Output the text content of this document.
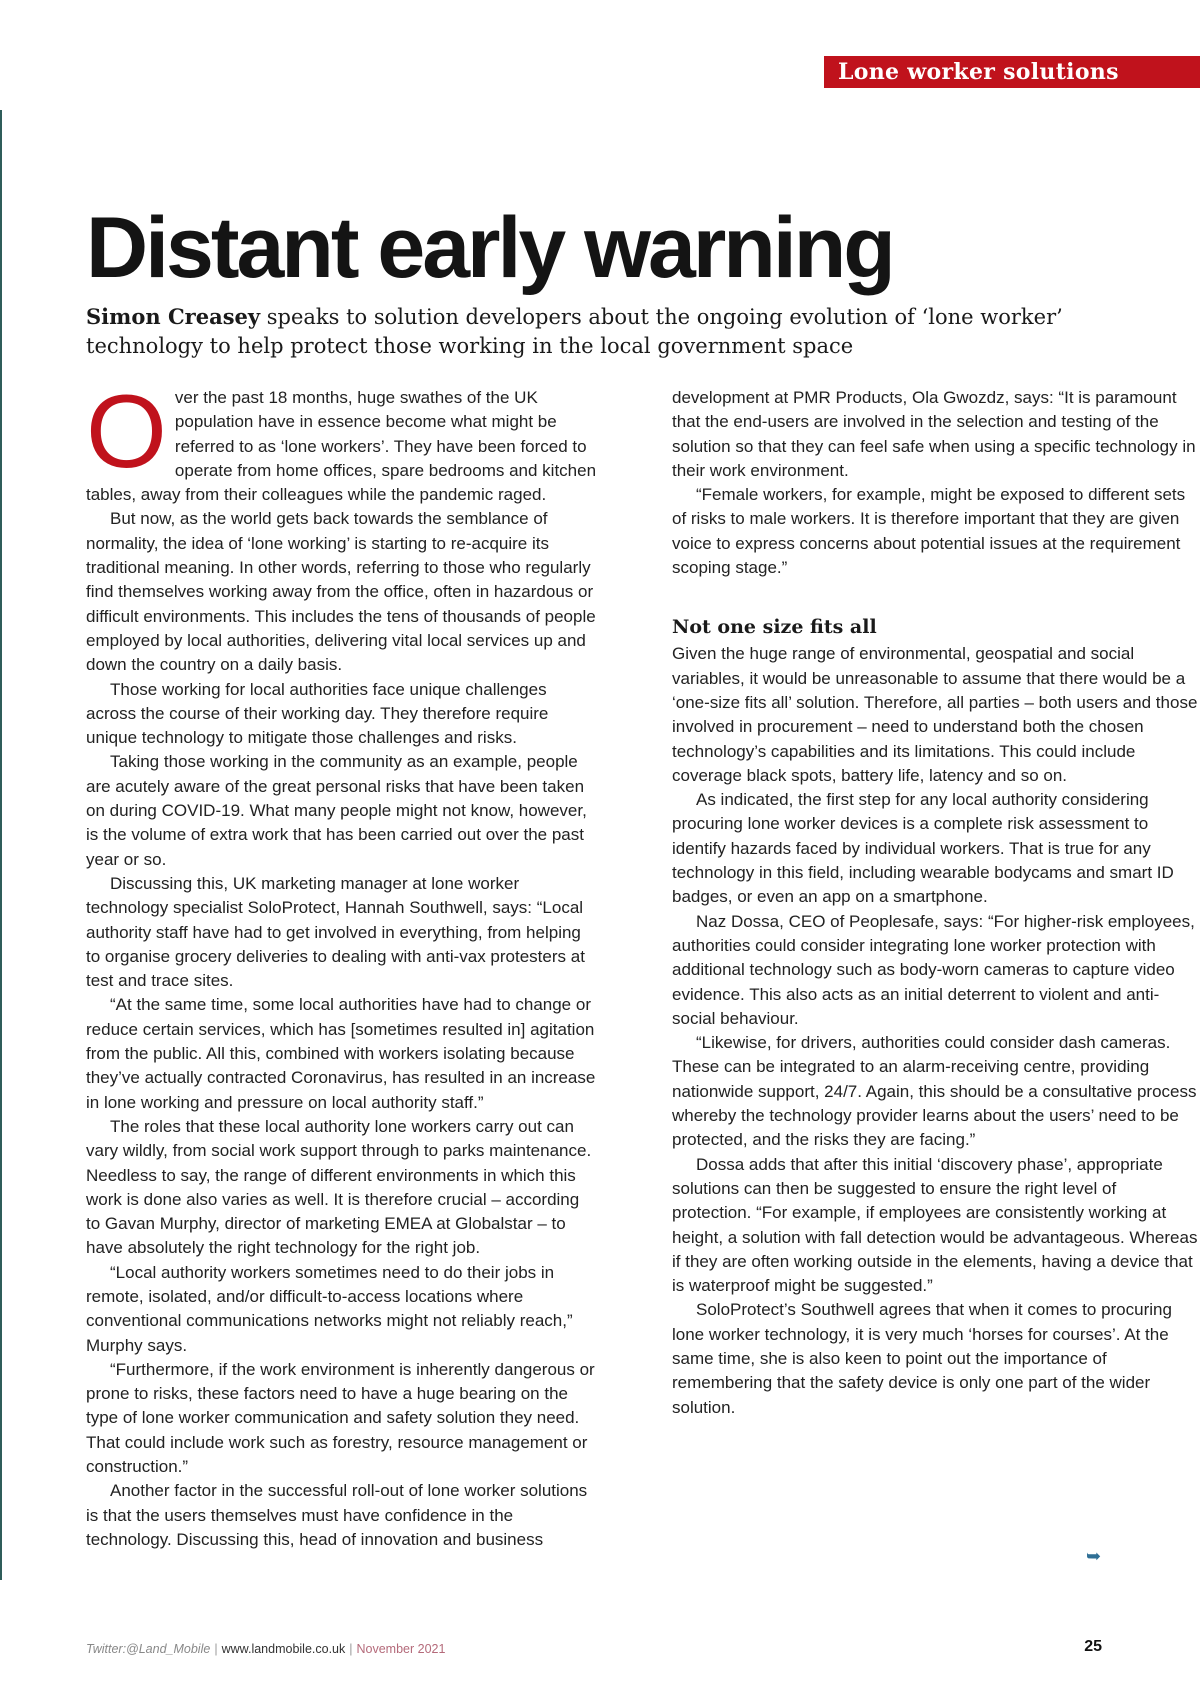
Lone worker solutions
Distant early warning

Simon Creasey speaks to solution developers about the ongoing evolution of ‘lone worker’ technology to help protect those working in the local government space

Over the past 18 months, huge swathes of the UK population have in essence become what might be referred to as ‘lone workers’. They have been forced to operate from home offices, spare bedrooms and kitchen tables, away from their colleagues while the pandemic raged.

But now, as the world gets back towards the semblance of normality, the idea of ‘lone working’ is starting to re-acquire its traditional meaning. In other words, referring to those who regularly find themselves working away from the office, often in hazardous or difficult environments. This includes the tens of thousands of people employed by local authorities, delivering vital local services up and down the country on a daily basis.

Those working for local authorities face unique challenges across the course of their working day. They therefore require unique technology to mitigate those challenges and risks.

Taking those working in the community as an example, people are acutely aware of the great personal risks that have been taken on during COVID-19. What many people might not know, however, is the volume of extra work that has been carried out over the past year or so.

Discussing this, UK marketing manager at lone worker technology specialist SoloProtect, Hannah Southwell, says: “Local authority staff have had to get involved in everything, from helping to organise grocery deliveries to dealing with anti-vax protesters at test and trace sites.

“At the same time, some local authorities have had to change or reduce certain services, which has [sometimes resulted in] agitation from the public. All this, combined with workers isolating because they’ve actually contracted Coronavirus, has resulted in an increase in lone working and pressure on local authority staff.”

The roles that these local authority lone workers carry out can vary wildly, from social work support through to parks maintenance. Needless to say, the range of different environments in which this work is done also varies as well. It is therefore crucial – according to Gavan Murphy, director of marketing EMEA at Globalstar – to have absolutely the right technology for the right job.

“Local authority workers sometimes need to do their jobs in remote, isolated, and/or difficult-to-access locations where conventional communications networks might not reliably reach,” Murphy says.

“Furthermore, if the work environment is inherently dangerous or prone to risks, these factors need to have a huge bearing on the type of lone worker communication and safety solution they need. That could include work such as forestry, resource management or construction.”

Another factor in the successful roll-out of lone worker solutions is that the users themselves must have confidence in the technology. Discussing this, head of innovation and business

development at PMR Products, Ola Gwozdz, says: “It is paramount that the end-users are involved in the selection and testing of the solution so that they can feel safe when using a specific technology in their work environment.

“Female workers, for example, might be exposed to different sets of risks to male workers. It is therefore important that they are given voice to express concerns about potential issues at the requirement scoping stage.”

Not one size fits all

Given the huge range of environmental, geospatial and social variables, it would be unreasonable to assume that there would be a ‘one-size fits all’ solution. Therefore, all parties – both users and those involved in procurement – need to understand both the chosen technology’s capabilities and its limitations. This could include coverage black spots, battery life, latency and so on.

As indicated, the first step for any local authority considering procuring lone worker devices is a complete risk assessment to identify hazards faced by individual workers. That is true for any technology in this field, including wearable bodycams and smart ID badges, or even an app on a smartphone.

Naz Dossa, CEO of Peoplesafe, says: “For higher-risk employees, authorities could consider integrating lone worker protection with additional technology such as body-worn cameras to capture video evidence. This also acts as an initial deterrent to violent and anti-social behaviour.

“Likewise, for drivers, authorities could consider dash cameras. These can be integrated to an alarm-receiving centre, providing nationwide support, 24/7. Again, this should be a consultative process whereby the technology provider learns about the users’ need to be protected, and the risks they are facing.”

Dossa adds that after this initial ‘discovery phase’, appropriate solutions can then be suggested to ensure the right level of protection. “For example, if employees are consistently working at height, a solution with fall detection would be advantageous. Whereas if they are often working outside in the elements, having a device that is waterproof might be suggested.”

SoloProtect’s Southwell agrees that when it comes to procuring lone worker technology, it is very much ‘horses for courses’. At the same time, she is also keen to point out the importance of remembering that the safety device is only one part of the wider solution.

➥
Twitter:@Land_Mobile | www.landmobile.co.uk | November 2021	25
